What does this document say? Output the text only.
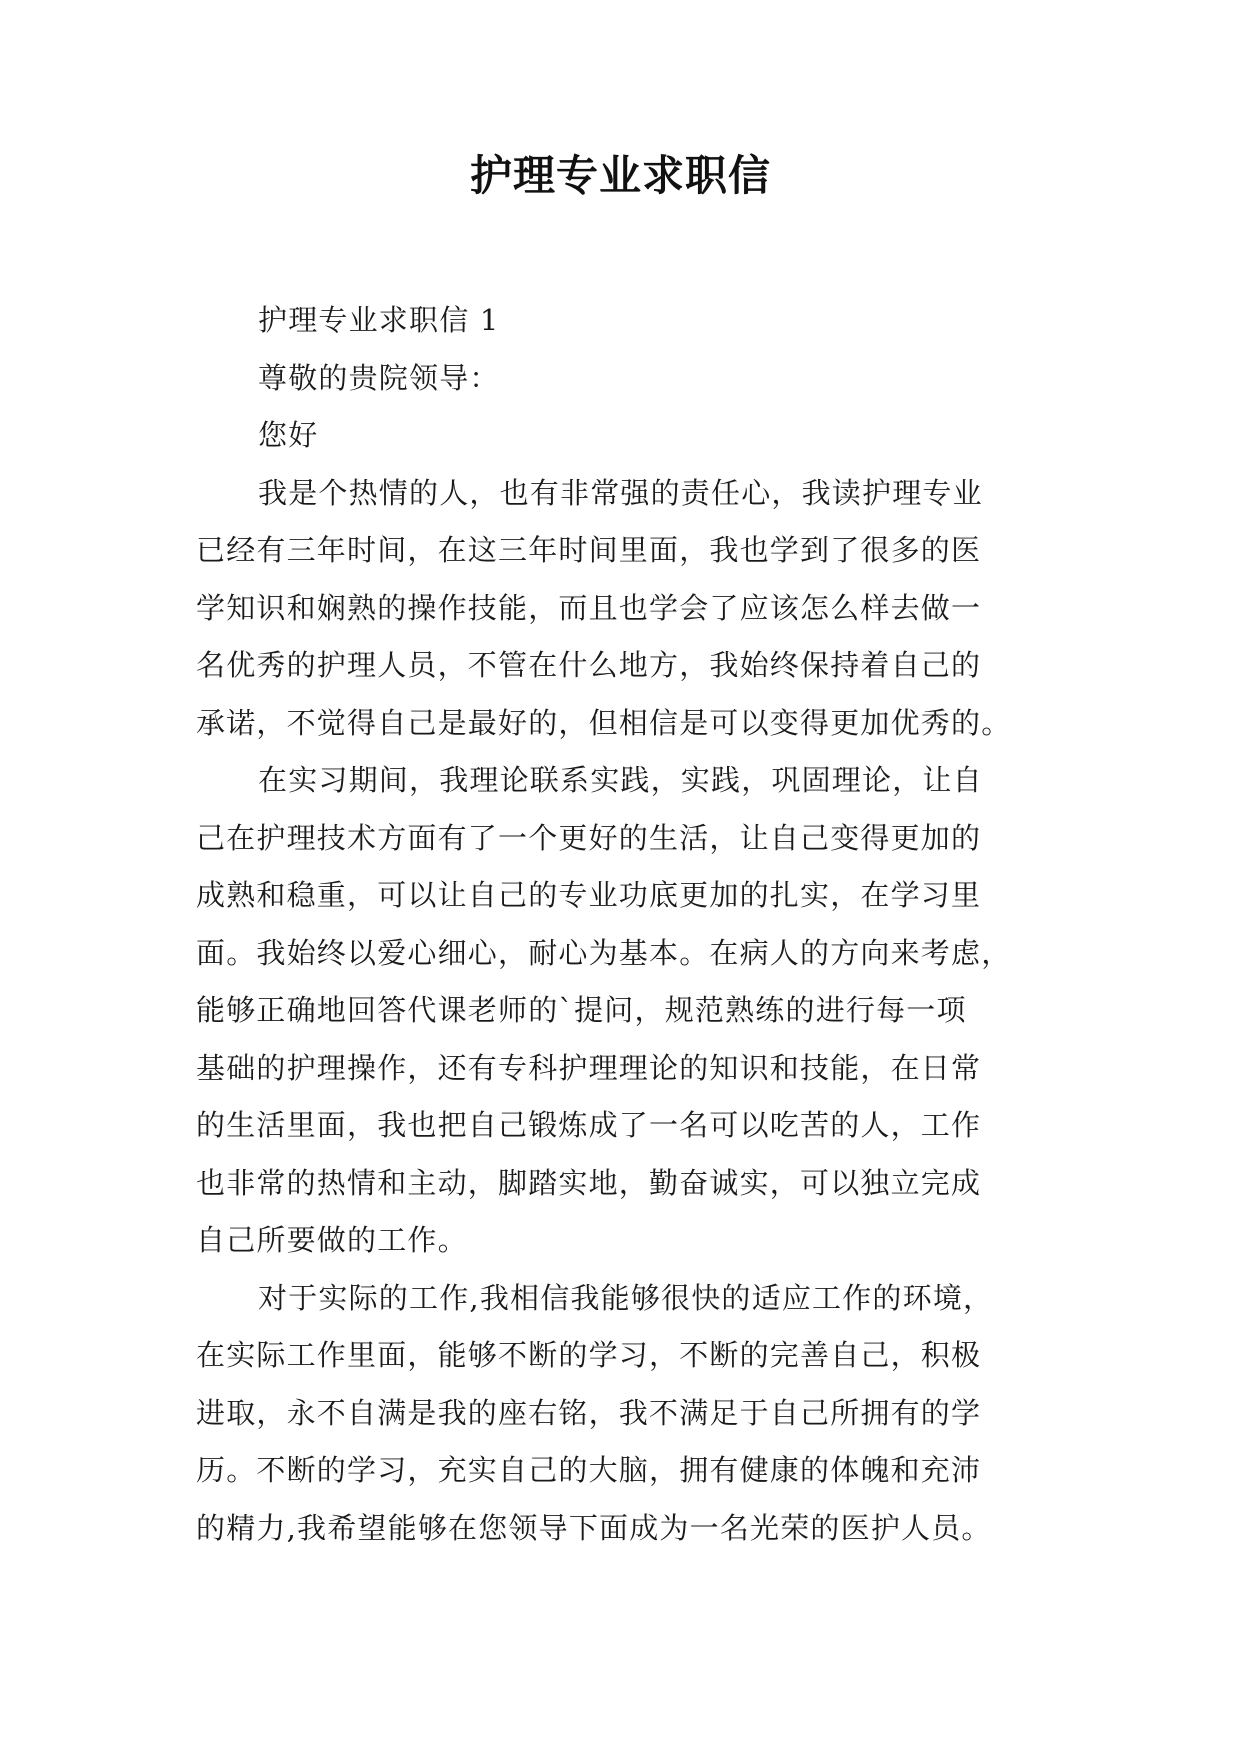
护理专业求职信
护理专业求职信 1
尊敬的贵院领导：
您好
我是个热情的人，也有非常强的责任心，我读护理专业
已经有三年时间，在这三年时间里面，我也学到了很多的医
学知识和娴熟的操作技能，而且也学会了应该怎么样去做一
名优秀的护理人员，不管在什么地方，我始终保持着自己的
承诺，不觉得自己是最好的，但相信是可以变得更加优秀的。
在实习期间，我理论联系实践，实践，巩固理论，让自
己在护理技术方面有了一个更好的生活，让自己变得更加的
成熟和稳重，可以让自己的专业功底更加的扎实，在学习里
面。我始终以爱心细心，耐心为基本。在病人的方向来考虑，
能够正确地回答代课老师的`提问，规范熟练的进行每一项
基础的护理操作，还有专科护理理论的知识和技能，在日常
的生活里面，我也把自己锻炼成了一名可以吃苦的人，工作
也非常的热情和主动，脚踏实地，勤奋诚实，可以独立完成
自己所要做的工作。
对于实际的工作,我相信我能够很快的适应工作的环境，
在实际工作里面，能够不断的学习，不断的完善自己，积极
进取，永不自满是我的座右铭，我不满足于自己所拥有的学
历。不断的学习，充实自己的大脑，拥有健康的体魄和充沛
的精力,我希望能够在您领导下面成为一名光荣的医护人员。
